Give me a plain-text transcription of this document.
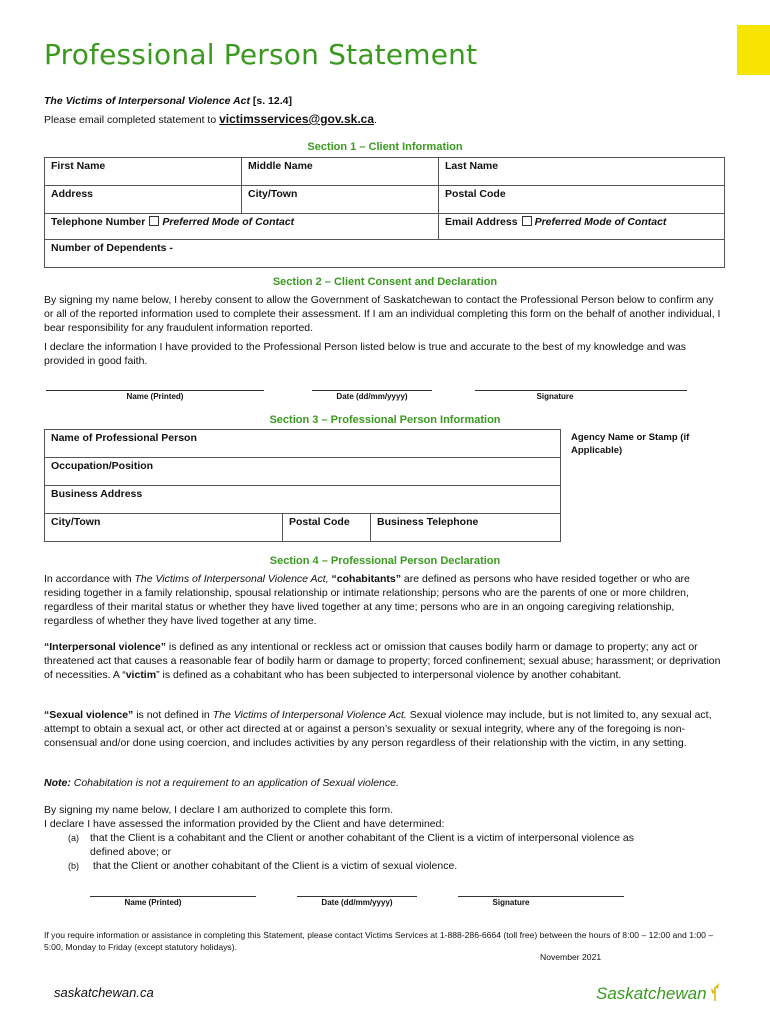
Professional Person Statement
The Victims of Interpersonal Violence Act [s. 12.4]
Please email completed statement to victimsservices@gov.sk.ca.
Section 1 – Client Information
First Name	Middle Name	Last Name
Address	City/Town	Postal Code
Telephone Number Preferred Mode of Contact		Email Address Preferred Mode of Contact
Number of Dependents -		
Section 2 – Client Consent and Declaration
By signing my name below, I hereby consent to allow the Government of Saskatchewan to contact the Professional Person below to confirm any or all of the reported information used to complete their assessment. If I am an individual completing this form on the behalf of another individual, I bear responsibility for any fraudulent information reported.
I declare the information I have provided to the Professional Person listed below is true and accurate to the best of my knowledge and was provided in good faith.
Name (Printed)	Date (dd/mm/yyyy)	Signature
Section 3 – Professional Person Information
Name of Professional Person
Occupation/Position
Business Address
City/Town	Postal Code	Business Telephone
Agency Name or Stamp (if Applicable)
Section 4 – Professional Person Declaration
In accordance with The Victims of Interpersonal Violence Act, “cohabitants” are defined as persons who have resided together or who are residing together in a family relationship, spousal relationship or intimate relationship; persons who are the parents of one or more children, regardless of their marital status or whether they have lived together at any time; persons who are in an ongoing caregiving relationship, regardless of whether they have lived together at any time.
“Interpersonal violence” is defined as any intentional or reckless act or omission that causes bodily harm or damage to property; any act or threatened act that causes a reasonable fear of bodily harm or damage to property; forced confinement; sexual abuse; harassment; or deprivation of necessities. A “victim” is defined as a cohabitant who has been subjected to interpersonal violence by another cohabitant.
“Sexual violence” is not defined in The Victims of Interpersonal Violence Act. Sexual violence may include, but is not limited to, any sexual act, attempt to obtain a sexual act, or other act directed at or against a person’s sexuality or sexual integrity, where any of the foregoing is non-consensual and/or done using coercion, and includes activities by any person regardless of their relationship with the victim, in any setting.
Note: Cohabitation is not a requirement to an application of Sexual violence.
By signing my name below, I declare I am authorized to complete this form.
I declare I have assessed the information provided by the Client and have determined:
(a) that the Client is a cohabitant and the Client or another cohabitant of the Client is a victim of interpersonal violence as defined above; or
(b) that the Client or another cohabitant of the Client is a victim of sexual violence.
Name (Printed)	Date (dd/mm/yyyy)	Signature
If you require information or assistance in completing this Statement, please contact Victims Services at 1-888-286-6664 (toll free) between the hours of 8:00 – 12:00 and 1:00 – 5:00, Monday to Friday (except statutory holidays).
November 2021
saskatchewan.ca	Saskatchewan
